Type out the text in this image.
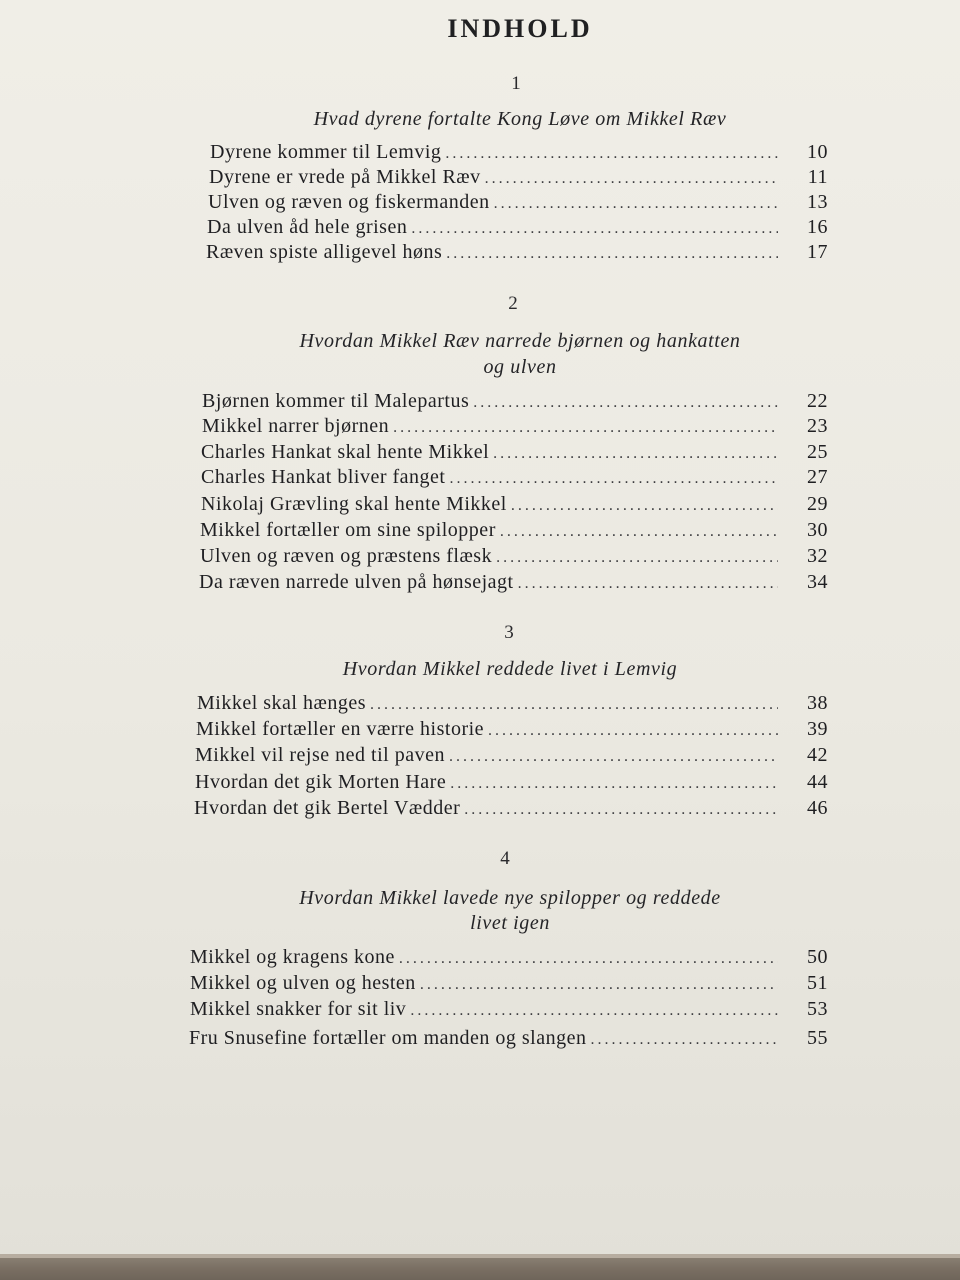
INDHOLD
1
Hvad dyrene fortalte Kong Løve om Mikkel Ræv
Dyrene kommer til Lemvig .....	10
Dyrene er vrede på Mikkel Ræv .....	11
Ulven og ræven og fiskermanden .....	13
Da ulven åd hele grisen .....	16
Ræven spiste alligevel høns .....	17
2
Hvordan Mikkel Ræv narrede bjørnen og hankatten
og ulven
Bjørnen kommer til Malepartus .....	22
Mikkel narrer bjørnen .....	23
Charles Hankat skal hente Mikkel .....	25
Charles Hankat bliver fanget .....	27
Nikolaj Grævling skal hente Mikkel .....	29
Mikkel fortæller om sine spilopper .....	30
Ulven og ræven og præstens flæsk .....	32
Da ræven narrede ulven på hønsejagt .....	34
3
Hvordan Mikkel reddede livet i Lemvig
Mikkel skal hænges .....	38
Mikkel fortæller en værre historie .....	39
Mikkel vil rejse ned til paven .....	42
Hvordan det gik Morten Hare .....	44
Hvordan det gik Bertel Vædder .....	46
4
Hvordan Mikkel lavede nye spilopper og reddede
livet igen
Mikkel og kragens kone .....	50
Mikkel og ulven og hesten .....	51
Mikkel snakker for sit liv .....	53
Fru Snusefine fortæller om manden og slangen .....	55
